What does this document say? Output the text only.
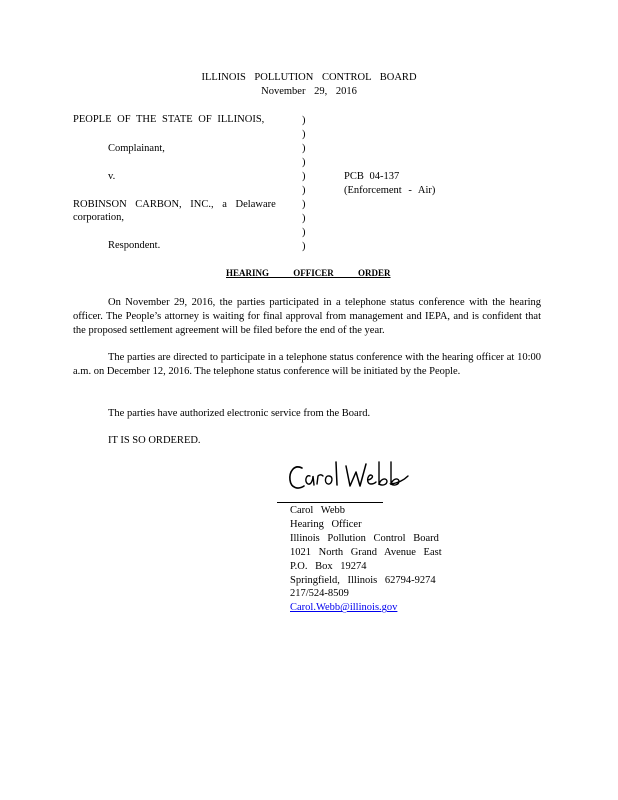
ILLINOIS POLLUTION CONTROL BOARD
November 29, 2016
PEOPLE OF THE STATE OF ILLINOIS,
Complainant,
v.
ROBINSON CARBON, INC., a Delaware
corporation,
Respondent.
)
)
)
)
)
)
)
)
)
)
PCB 04-137
(Enforcement - Air)
HEARING OFFICER ORDER
On November 29, 2016, the parties participated in a telephone status conference with the hearing officer. The People’s attorney is waiting for final approval from management and IEPA, and is confident that the proposed settlement agreement will be filed before the end of the year.
The parties are directed to participate in a telephone status conference with the hearing officer at 10:00 a.m. on December 12, 2016. The telephone status conference will be initiated by the People.
The parties have authorized electronic service from the Board.
IT IS SO ORDERED.
Carol Webb
Hearing Officer
Illinois Pollution Control Board
1021 North Grand Avenue East
P.O. Box 19274
Springfield, Illinois 62794-9274
217/524-8509
Carol.Webb@illinois.gov
